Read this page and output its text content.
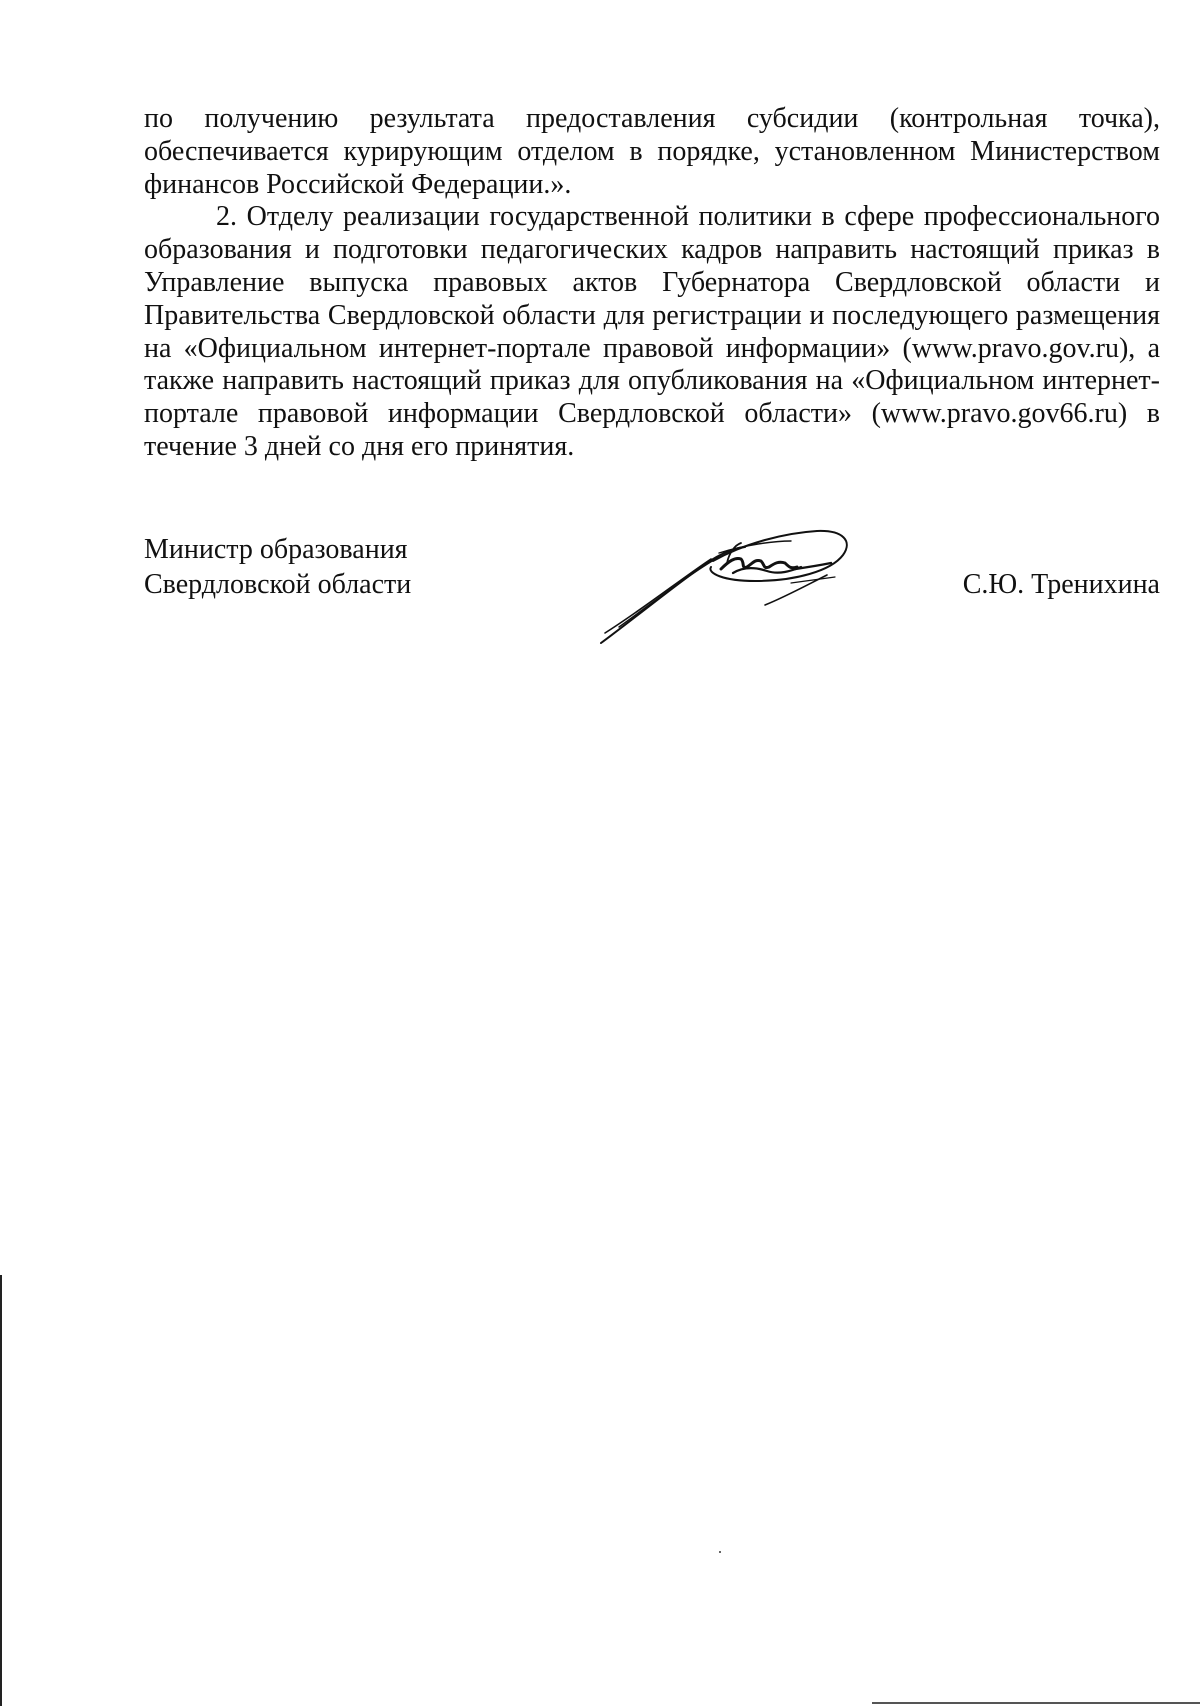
по получению результата предоставления субсидии (контрольная точка), обеспечивается курирующим отделом в порядке, установленном Министерством финансов Российской Федерации.».

2. Отделу реализации государственной политики в сфере профессионального образования и подготовки педагогических кадров направить настоящий приказ в Управление выпуска правовых актов Губернатора Свердловской области и Правительства Свердловской области для регистрации и последующего размещения на «Официальном интернет-портале правовой информации» (www.pravo.gov.ru), а также направить настоящий приказ для опубликования на «Официальном интернет-портале правовой информации Свердловской области» (www.pravo.gov66.ru) в течение 3 дней со дня его принятия.

Министр образования
Свердловской области	С.Ю. Тренихина
